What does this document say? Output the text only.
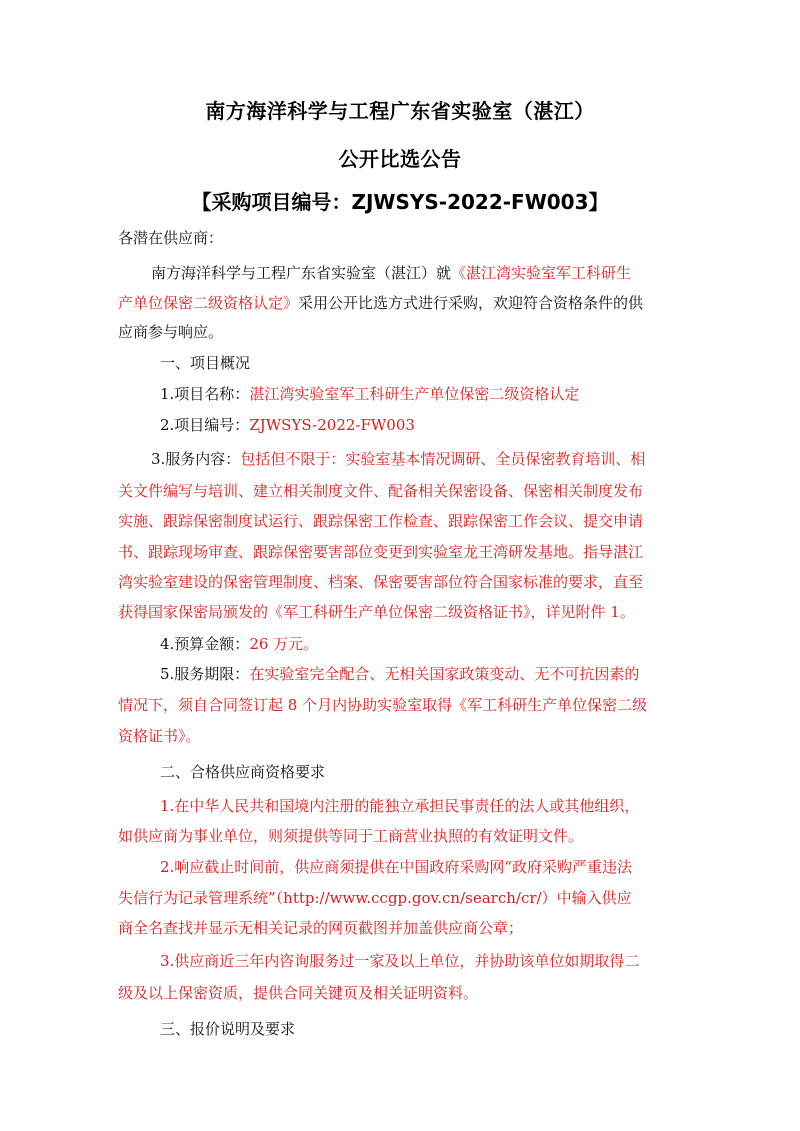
南方海洋科学与工程广东省实验室（湛江）
公开比选公告
【采购项目编号：ZJWSYS-2022-FW003】
各潜在供应商：
南方海洋科学与工程广东省实验室（湛江）就《湛江湾实验室军工科研生
产单位保密二级资格认定》采用公开比选方式进行采购，欢迎符合资格条件的供
应商参与响应。
一、项目概况
1.项目名称：湛江湾实验室军工科研生产单位保密二级资格认定
2.项目编号：ZJWSYS-2022-FW003
3.服务内容：包括但不限于：实验室基本情况调研、全员保密教育培训、相
关文件编写与培训、建立相关制度文件、配备相关保密设备、保密相关制度发布
实施、跟踪保密制度试运行、跟踪保密工作检查、跟踪保密工作会议、提交申请
书、跟踪现场审查、跟踪保密要害部位变更到实验室龙王湾研发基地。指导湛江
湾实验室建设的保密管理制度、档案、保密要害部位符合国家标准的要求，直至
获得国家保密局颁发的《军工科研生产单位保密二级资格证书》，详见附件 1。
4.预算金额：26 万元。
5.服务期限：在实验室完全配合、无相关国家政策变动、无不可抗因素的
情况下，须自合同签订起 8 个月内协助实验室取得《军工科研生产单位保密二级
资格证书》。
二、合格供应商资格要求
1.在中华人民共和国境内注册的能独立承担民事责任的法人或其他组织，
如供应商为事业单位，则须提供等同于工商营业执照的有效证明文件。
2.响应截止时间前，供应商须提供在中国政府采购网“政府采购严重违法
失信行为记录管理系统”（http://www.ccgp.gov.cn/search/cr/）中输入供应
商全名查找并显示无相关记录的网页截图并加盖供应商公章；
3.供应商近三年内咨询服务过一家及以上单位，并协助该单位如期取得二
级及以上保密资质，提供合同关键页及相关证明资料。
三、报价说明及要求
